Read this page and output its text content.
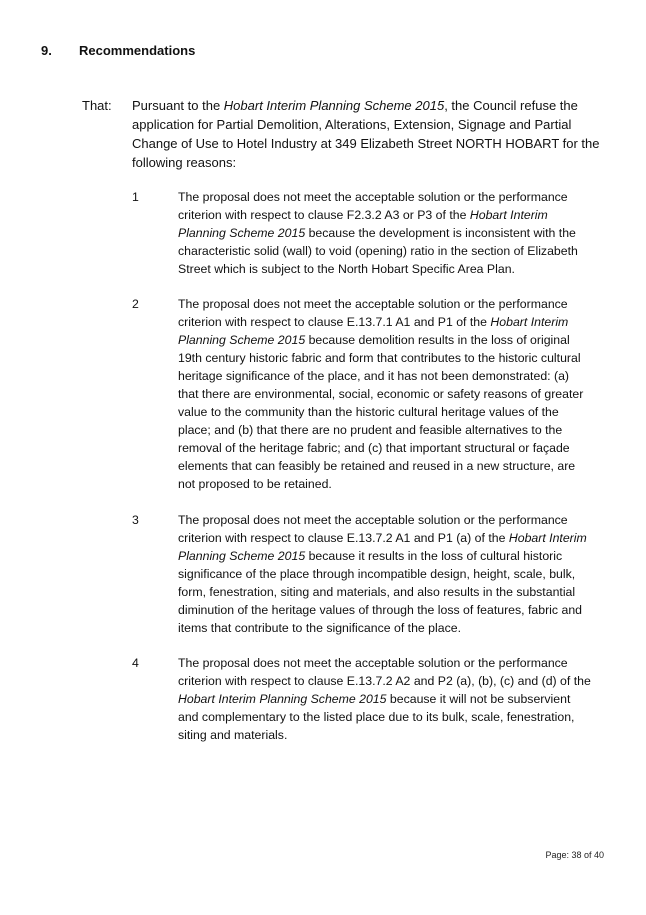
9.	Recommendations
That:	Pursuant to the Hobart Interim Planning Scheme 2015, the Council refuse the application for Partial Demolition, Alterations, Extension, Signage and Partial Change of Use to Hotel Industry at 349 Elizabeth Street NORTH HOBART for the following reasons:
1	The proposal does not meet the acceptable solution or the performance criterion with respect to clause F2.3.2 A3 or P3 of the Hobart Interim Planning Scheme 2015 because the development is inconsistent with the characteristic solid (wall) to void (opening) ratio in the section of Elizabeth Street which is subject to the North Hobart Specific Area Plan.
2	The proposal does not meet the acceptable solution or the performance criterion with respect to clause E.13.7.1 A1 and P1 of the Hobart Interim Planning Scheme 2015 because demolition results in the loss of original 19th century historic fabric and form that contributes to the historic cultural heritage significance of the place, and it has not been demonstrated: (a) that there are environmental, social, economic or safety reasons of greater value to the community than the historic cultural heritage values of the place; and (b) that there are no prudent and feasible alternatives to the removal of the heritage fabric; and (c) that important structural or façade elements that can feasibly be retained and reused in a new structure, are not proposed to be retained.
3	The proposal does not meet the acceptable solution or the performance criterion with respect to clause E.13.7.2 A1 and P1 (a) of the Hobart Interim Planning Scheme 2015 because it results in the loss of cultural historic significance of the place through incompatible design, height, scale, bulk, form, fenestration, siting and materials, and also results in the substantial diminution of the heritage values of through the loss of features, fabric and items that contribute to the significance of the place.
4	The proposal does not meet the acceptable solution or the performance criterion with respect to clause E.13.7.2 A2 and P2 (a), (b), (c) and (d) of the Hobart Interim Planning Scheme 2015 because it will not be subservient and complementary to the listed place due to its bulk, scale, fenestration, siting and materials.
Page: 38 of 40
